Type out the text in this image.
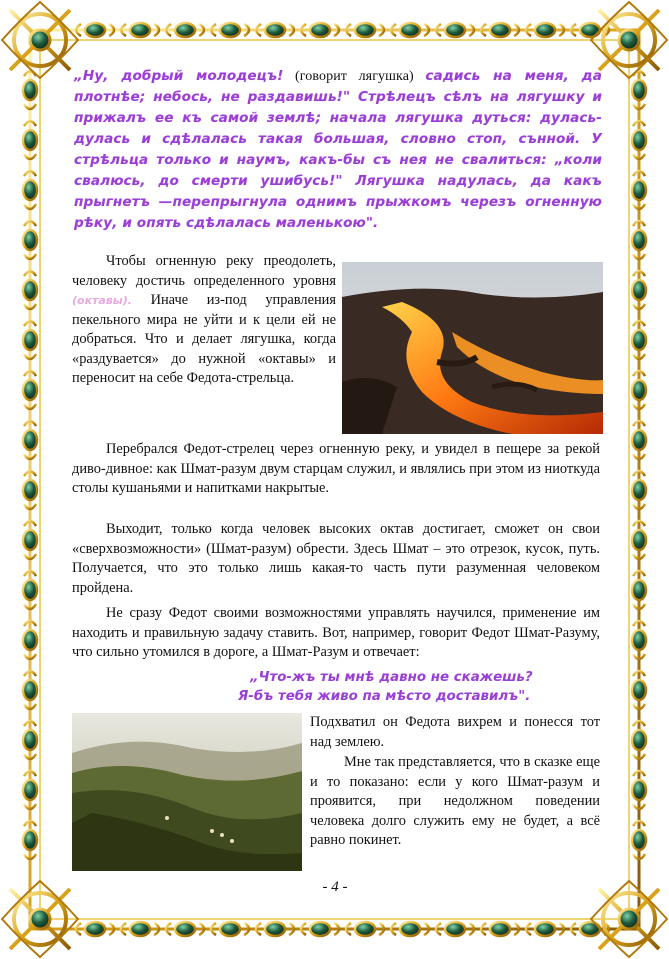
„Ну, добрый молодецъ! (говорит лягушка) садись на меня, да плотнѣе; небось, не раздавишь!" Стрѣлецъ сѣлъ на лягушку и прижалъ ее къ самой землѣ; начала лягушка дуться: дулась-дулась и сдѣлалась такая большая, словно стоп, сънной. У стрѣльца только и наумъ, какъ-бы съ нея не свалиться: „коли свалюсь, до смерти ушибусь!" Лягушка надулась, да какъ прыгнетъ —перепрыгнула однимъ прыжкомъ черезъ огненную рѣку, и опять сдѣлалась маленькою".
Чтобы огненную реку преодолеть, человеку достичь определенного уровня (октавы). Иначе из-под управления пекельного мира не уйти и к цели ей не добраться. Что и делает лягушка, когда «раздувается» до нужной «октавы» и переносит на себе Федота-стрельца.
Перебрался Федот-стрелец через огненную реку, и увидел в пещере за рекой диво-дивное: как Шмат-разум двум старцам служил, и являлись при этом из ниоткуда столы кушаньями и напитками накрытые.
Выходит, только когда человек высоких октав достигает, сможет он свои «сверхвозможности» (Шмат-разум) обрести. Здесь Шмат – это отрезок, кусок, путь. Получается, что это только лишь какая-то часть пути разуменная человеком пройдена.
Не сразу Федот своими возможностями управлять научился, применение им находить и правильную задачу ставить. Вот, например, говорит Федот Шмат-Разуму, что сильно утомился в дороге, а Шмат-Разум и отвечает:
„Что-жъ ты мнѣ давно не скажешь?
Я-бъ тебя живо па мѣсто доставилъ".
Подхватил он Федота вихрем и понесся тот над землею.
Мне так представляется, что в сказке еще и то показано: если у кого Шмат-разум и проявится, при недолжном поведении человека долго служить ему не будет, а всё равно покинет.
- 4 -
